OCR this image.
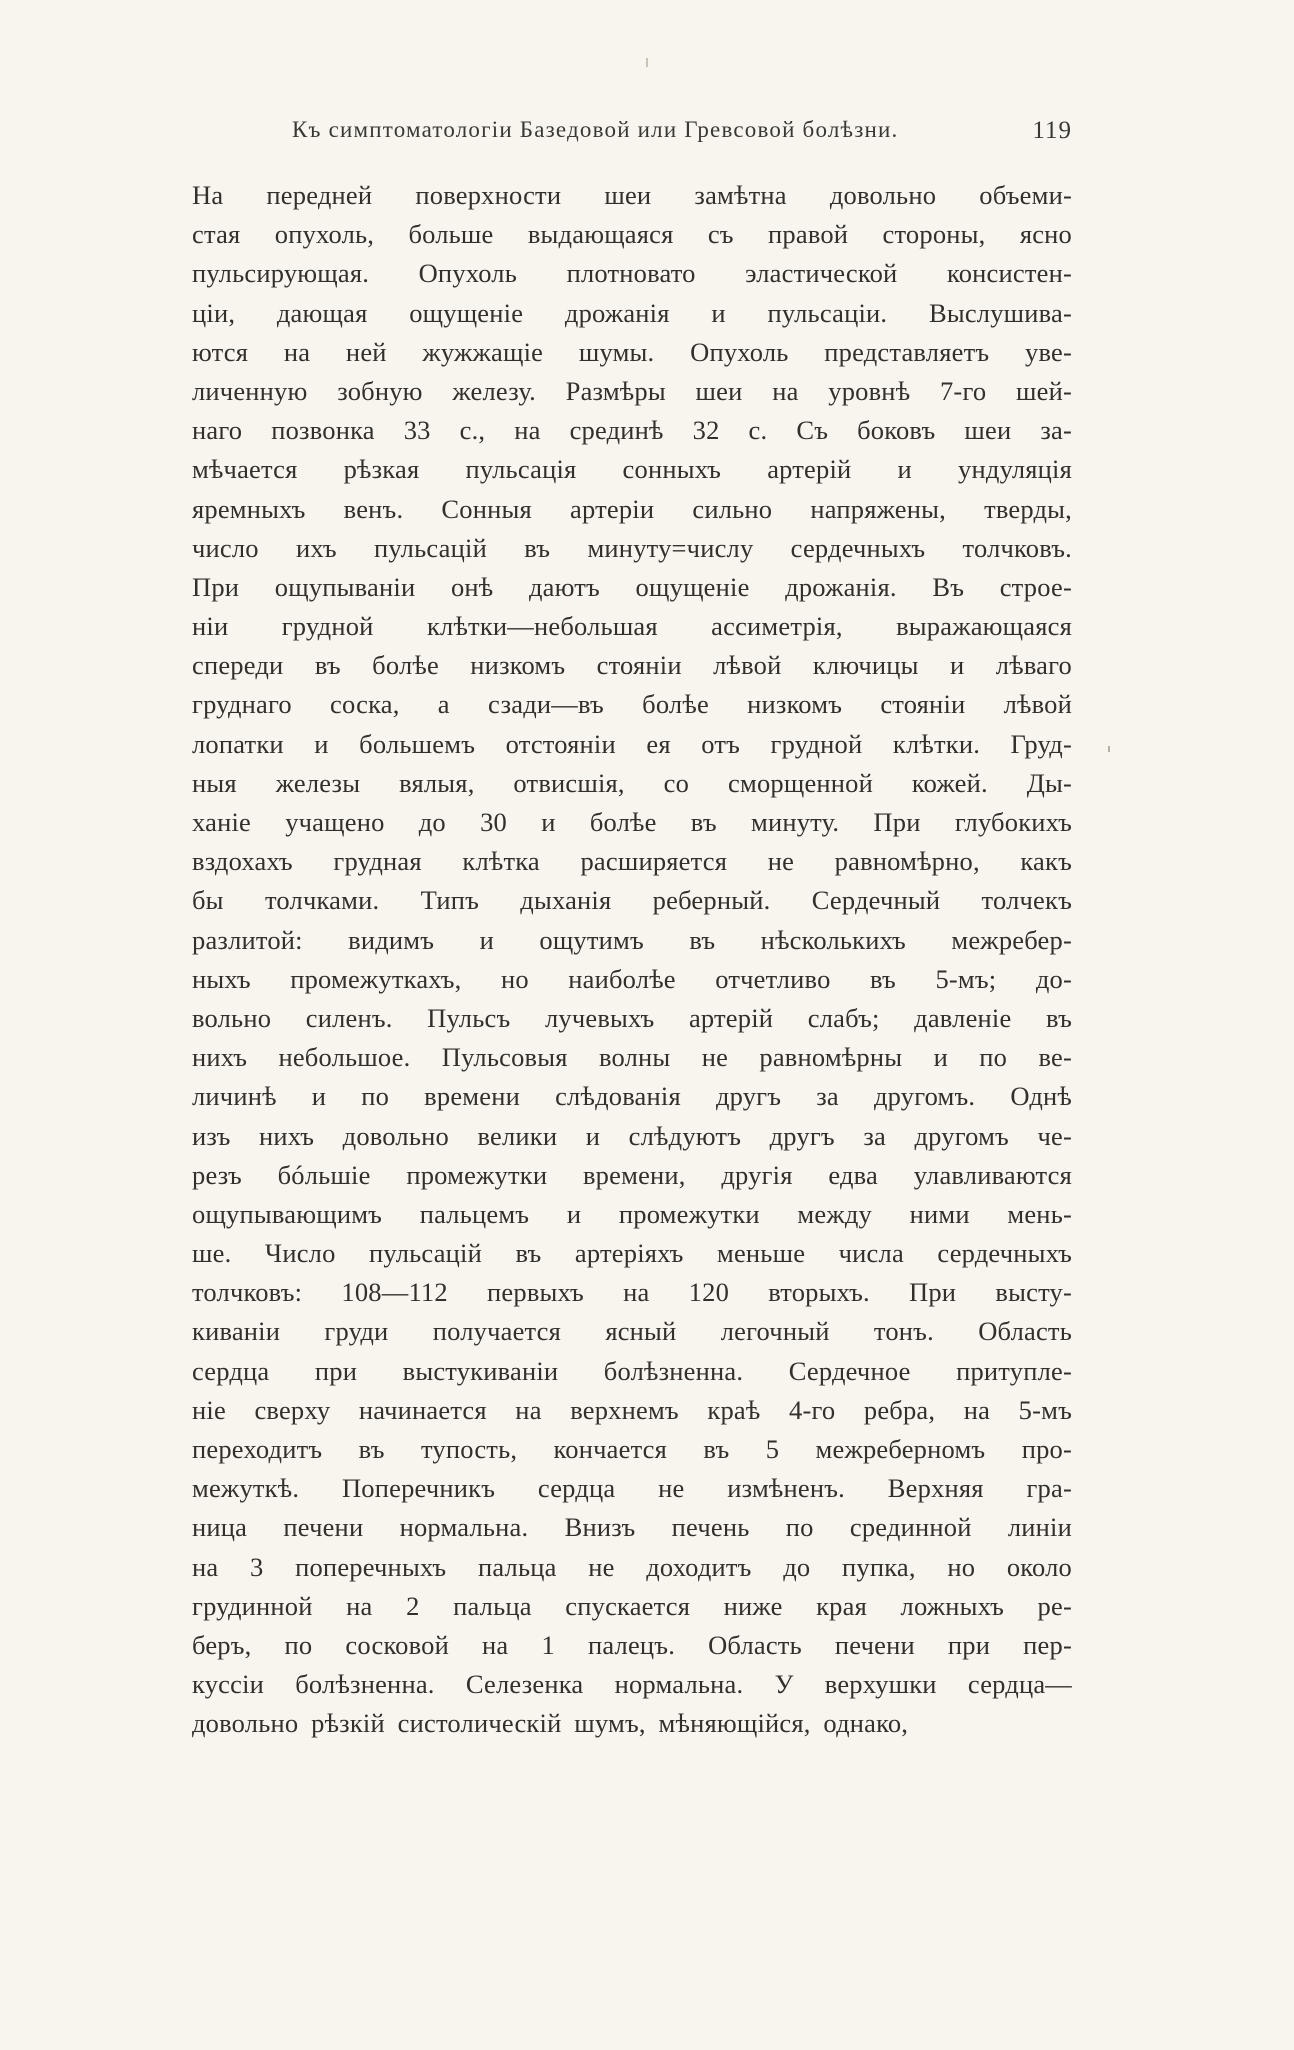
Къ симптоматологіи Базедовой или Гревсовой болѣзни.	119
На передней поверхности шеи замѣтна довольно объеми-
стая опухоль, больше выдающаяся съ правой стороны, ясно
пульсирующая. Опухоль плотновато эластической консистен-
ціи, дающая ощущеніе дрожанія и пульсаціи. Выслушива-
ются на ней жужжащіе шумы. Опухоль представляетъ уве-
личенную зобную железу. Размѣры шеи на уровнѣ 7-го шей-
наго позвонка 33 с., на срединѣ 32 с. Съ боковъ шеи за-
мѣчается рѣзкая пульсація сонныхъ артерій и ундуляція
яремныхъ венъ. Сонныя артеріи сильно напряжены, тверды,
число ихъ пульсацій въ минуту=числу сердечныхъ толчковъ.
При ощупываніи онѣ даютъ ощущеніе дрожанія. Въ строе-
ніи грудной клѣтки—небольшая ассиметрія, выражающаяся
спереди въ болѣе низкомъ стояніи лѣвой ключицы и лѣваго
груднаго соска, а сзади—въ болѣе низкомъ стояніи лѣвой
лопатки и большемъ отстояніи ея отъ грудной клѣтки. Груд-
ныя железы вялыя, отвисшія, со сморщенной кожей. Ды-
ханіе учащено до 30 и болѣе въ минуту. При глубокихъ
вздохахъ грудная клѣтка расширяется не равномѣрно, какъ
бы толчками. Типъ дыханія реберный. Сердечный толчекъ
разлитой: видимъ и ощутимъ въ нѣсколькихъ межребер-
ныхъ промежуткахъ, но наиболѣе отчетливо въ 5-мъ; до-
вольно силенъ. Пульсъ лучевыхъ артерій слабъ; давленіе въ
нихъ небольшое. Пульсовыя волны не равномѣрны и по ве-
личинѣ и по времени слѣдованія другъ за другомъ. Однѣ
изъ нихъ довольно велики и слѣдуютъ другъ за другомъ че-
резъ бóльшіе промежутки времени, другія едва улавливаются
ощупывающимъ пальцемъ и промежутки между ними мень-
ше. Число пульсацій въ артеріяхъ меньше числа сердечныхъ
толчковъ: 108—112 первыхъ на 120 вторыхъ. При высту-
киваніи груди получается ясный легочный тонъ. Область
сердца при выстукиваніи болѣзненна. Сердечное притупле-
ніе сверху начинается на верхнемъ краѣ 4-го ребра, на 5-мъ
переходитъ въ тупость, кончается въ 5 межреберномъ про-
межуткѣ. Поперечникъ сердца не измѣненъ. Верхняя гра-
ница печени нормальна. Внизъ печень по срединной линіи
на 3 поперечныхъ пальца не доходитъ до пупка, но около
грудинной на 2 пальца спускается ниже края ложныхъ ре-
беръ, по сосковой на 1 палецъ. Область печени при пер-
куссіи болѣзненна. Селезенка нормальна. У верхушки сердца—
довольно рѣзкій систолическій шумъ, мѣняющійся, однако,
